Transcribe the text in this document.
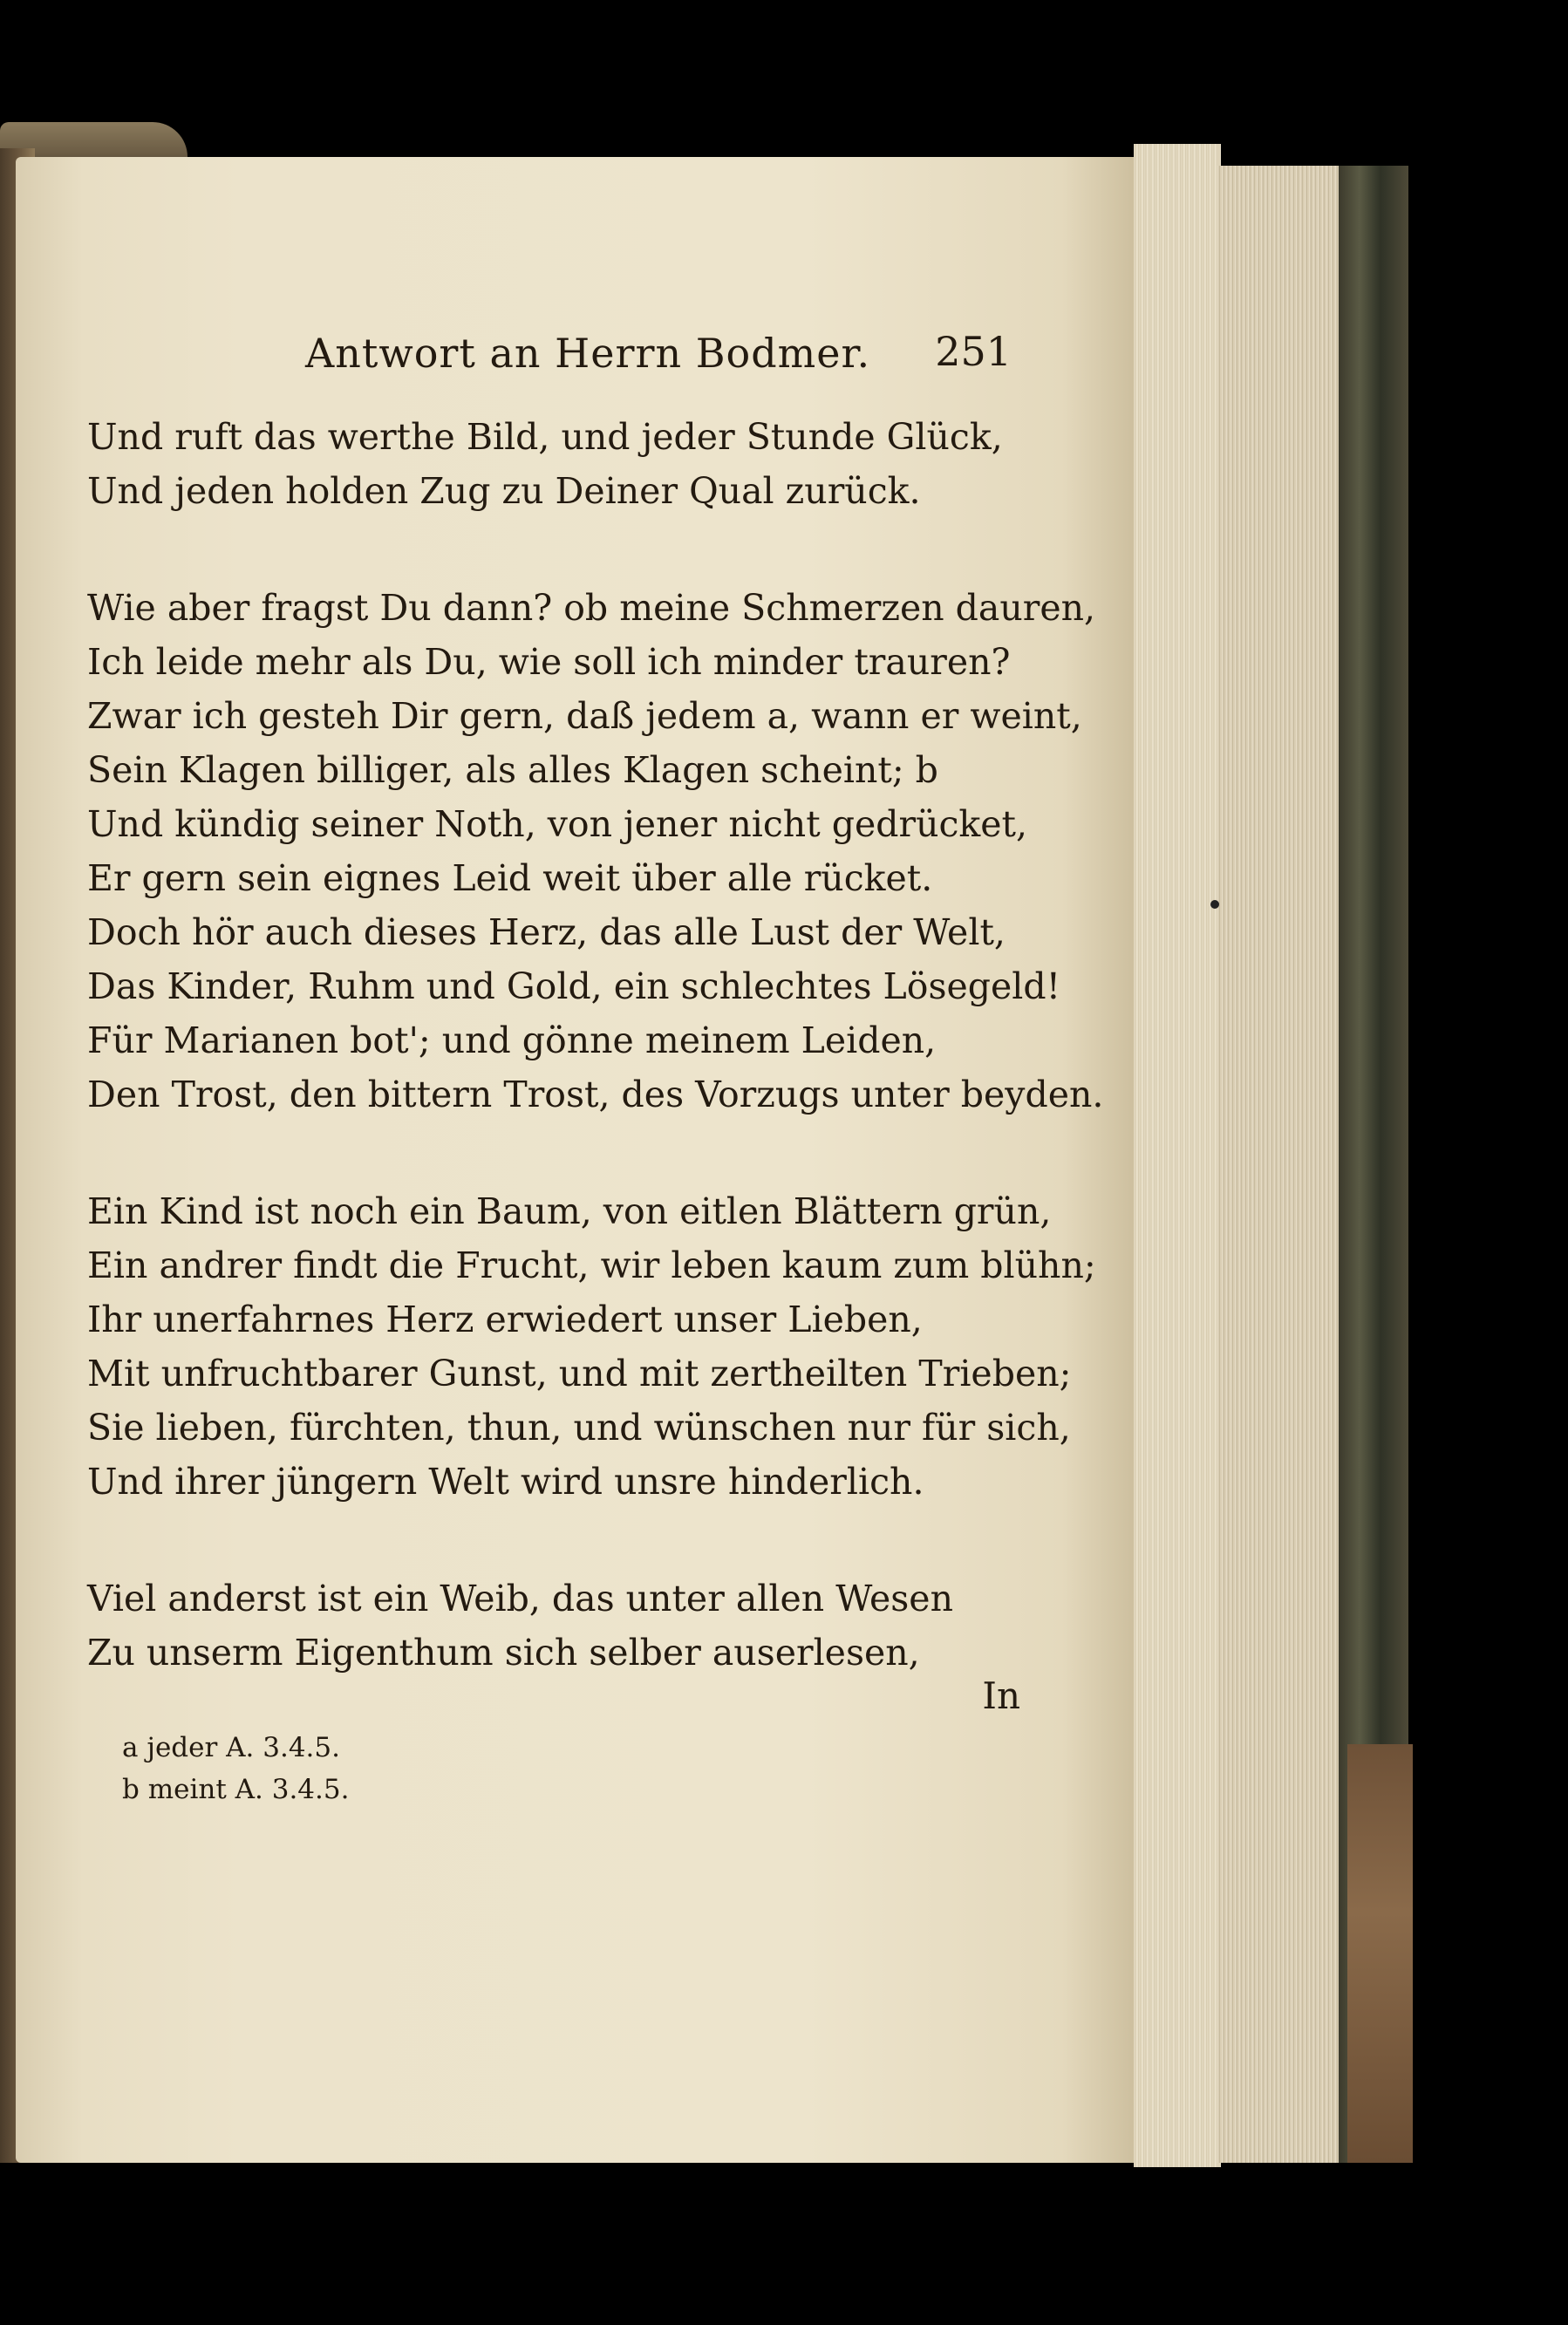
Antwort an Herrn Bodmer. 251
Und ruft das werthe Bild, und jeder Stunde Glück,
Und jeden holden Zug zu Deiner Qual zurück.
Wie aber fragst Du dann? ob meine Schmerzen dauren,
Ich leide mehr als Du, wie soll ich minder trauren?
Zwar ich gesteh Dir gern, daß jedem a, wann er weint,
Sein Klagen billiger, als alles Klagen scheint; b
Und kündig seiner Noth, von jener nicht gedrücket,
Er gern sein eignes Leid weit über alle rücket.
Doch hör auch dieses Herz, das alle Lust der Welt,
Das Kinder, Ruhm und Gold, ein schlechtes Lösegeld!
Für Marianen bot'; und gönne meinem Leiden,
Den Trost, den bittern Trost, des Vorzugs unter beyden.
Ein Kind ist noch ein Baum, von eitlen Blättern grün,
Ein andrer findt die Frucht, wir leben kaum zum blühn;
Ihr unerfahrnes Herz erwiedert unser Lieben,
Mit unfruchtbarer Gunst, und mit zertheilten Trieben;
Sie lieben, fürchten, thun, und wünschen nur für sich,
Und ihrer jüngern Welt wird unsre hinderlich.
Viel anderst ist ein Weib, das unter allen Wesen
Zu unserm Eigenthum sich selber auserlesen,
In
a jeder A. 3.4.5.
b meint A. 3.4.5.
